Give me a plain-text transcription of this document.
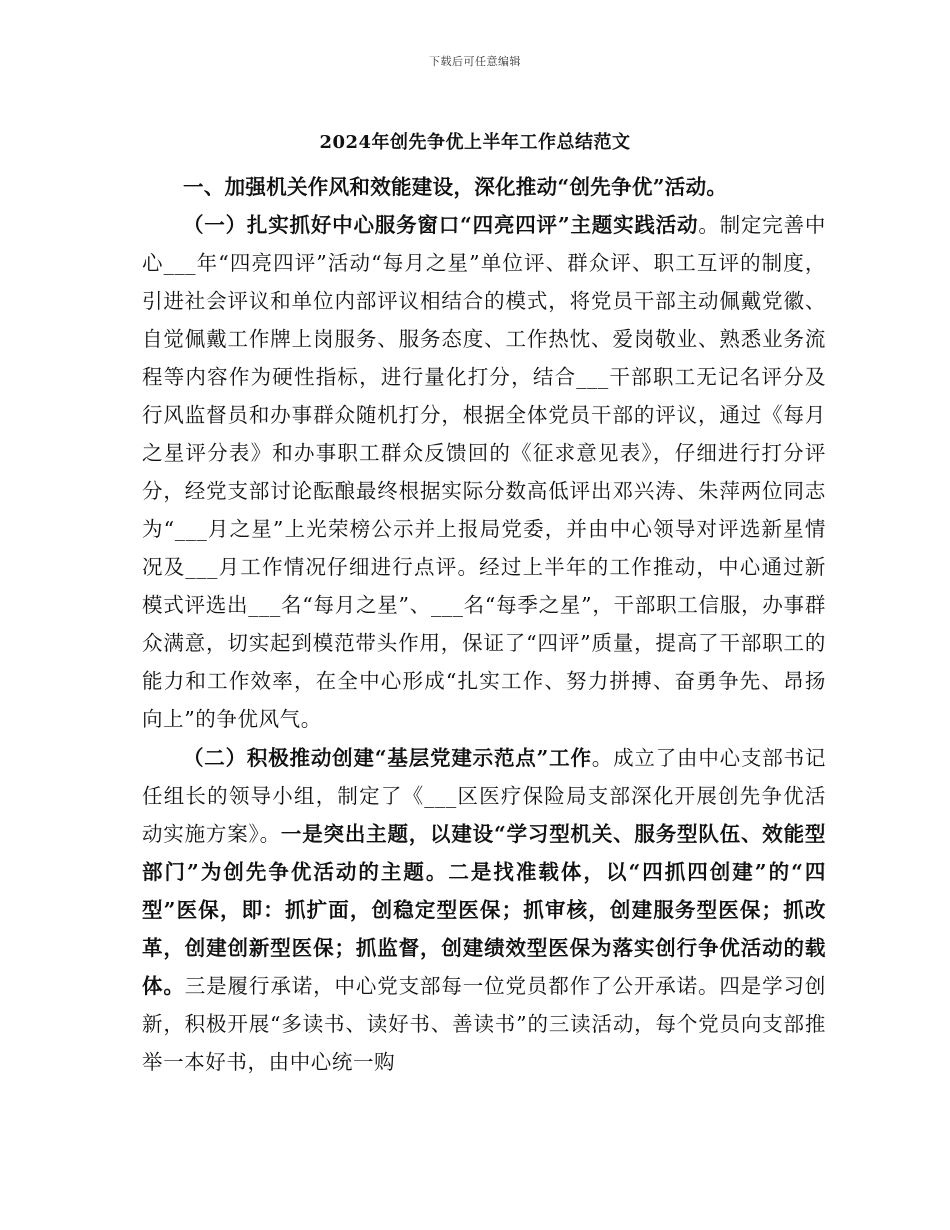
下载后可任意编辑
2024年创先争优上半年工作总结范文

一、加强机关作风和效能建设，深化推动“创先争优”活动。

（一）扎实抓好中心服务窗口“四亮四评”主题实践活动。制定完善中心___年“四亮四评”活动“每月之星”单位评、群众评、职工互评的制度，引进社会评议和单位内部评议相结合的模式，将党员干部主动佩戴党徽、自觉佩戴工作牌上岗服务、服务态度、工作热忱、爱岗敬业、熟悉业务流程等内容作为硬性指标，进行量化打分，结合___干部职工无记名评分及行风监督员和办事群众随机打分，根据全体党员干部的评议，通过《每月之星评分表》和办事职工群众反馈回的《征求意见表》，仔细进行打分评分，经党支部讨论酝酿最终根据实际分数高低评出邓兴涛、朱萍两位同志为“___月之星”上光荣榜公示并上报局党委，并由中心领导对评选新星情况及___月工作情况仔细进行点评。经过上半年的工作推动，中心通过新模式评选出___名“每月之星”、___名“每季之星”，干部职工信服，办事群众满意，切实起到模范带头作用，保证了“四评”质量，提高了干部职工的能力和工作效率，在全中心形成“扎实工作、努力拼搏、奋勇争先、昂扬向上”的争优风气。

（二）积极推动创建“基层党建示范点”工作。成立了由中心支部书记任组长的领导小组，制定了《___区医疗保险局支部深化开展创先争优活动实施方案》。一是突出主题，以建设“学习型机关、服务型队伍、效能型部门”为创先争优活动的主题。二是找准载体，以“四抓四创建”的“四型”医保，即：抓扩面，创稳定型医保；抓审核，创建服务型医保；抓改革，创建创新型医保；抓监督，创建绩效型医保为落实创行争优活动的载体。三是履行承诺，中心党支部每一位党员都作了公开承诺。四是学习创新，积极开展“多读书、读好书、善读书”的三读活动，每个党员向支部推举一本好书，由中心统一购
